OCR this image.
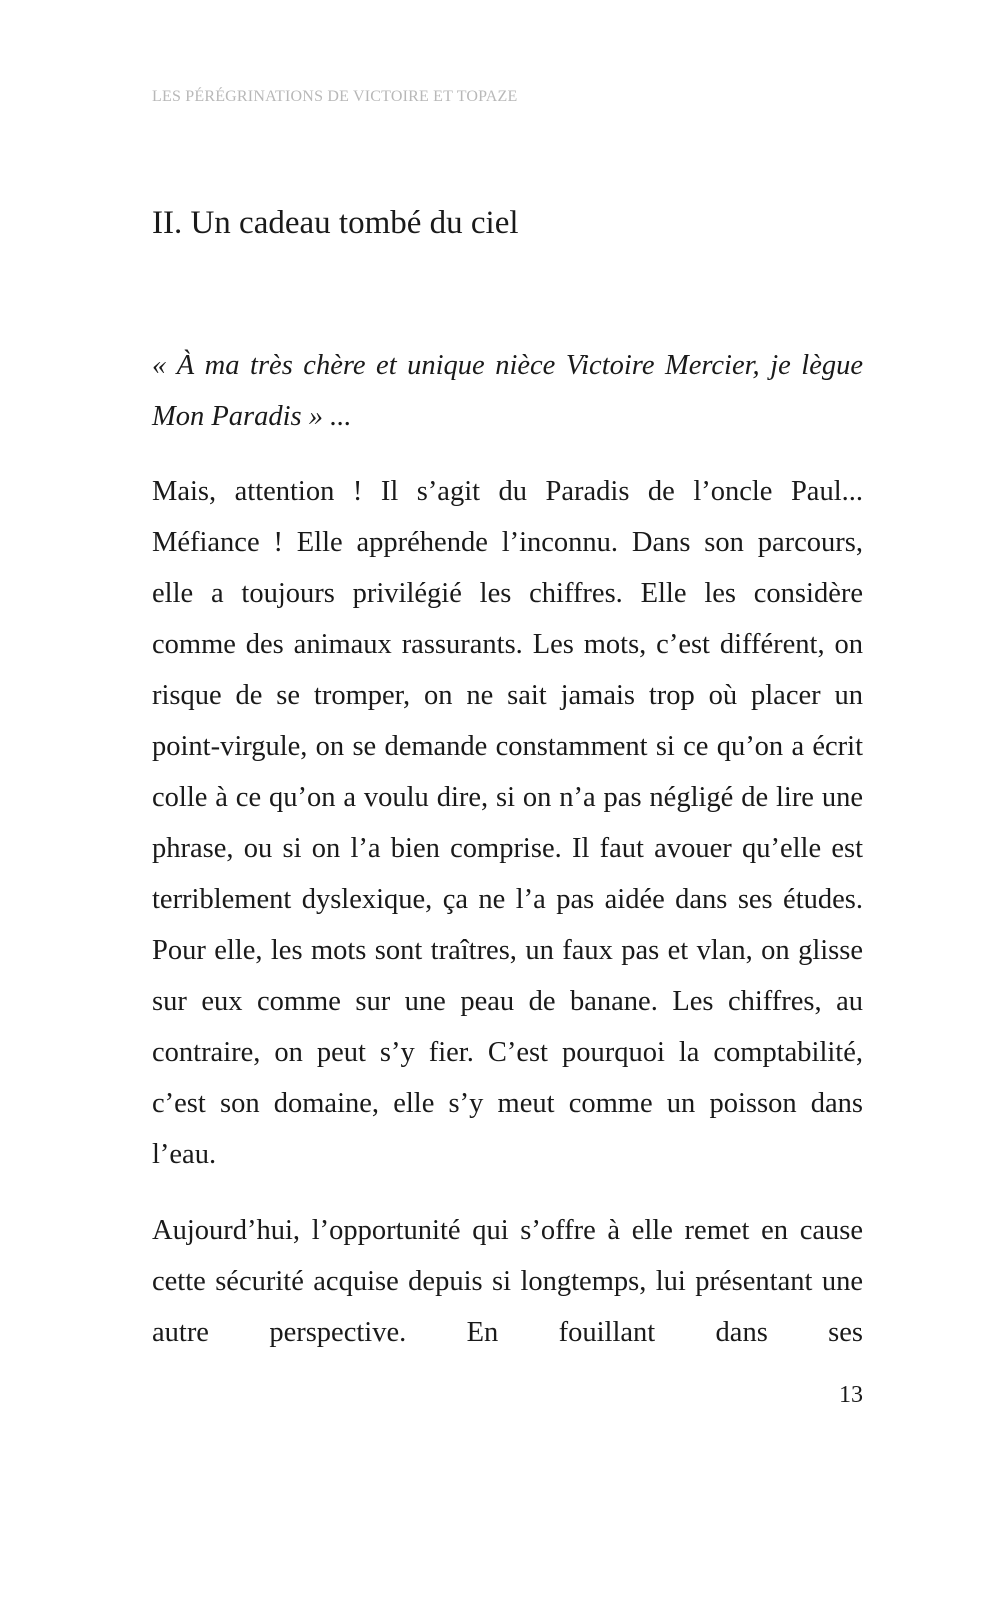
LES PÉRÉGRINATIONS DE VICTOIRE ET TOPAZE
II. Un cadeau tombé du ciel

« À ma très chère et unique nièce Victoire Mercier, je lègue Mon Paradis » ...

Mais, attention ! Il s’agit du Paradis de l’oncle Paul... Méfiance ! Elle appréhende l’inconnu. Dans son parcours, elle a toujours privilégié les chiffres. Elle les considère comme des animaux rassurants. Les mots, c’est différent, on risque de se tromper, on ne sait jamais trop où placer un point-virgule, on se demande constamment si ce qu’on a écrit colle à ce qu’on a voulu dire, si on n’a pas négligé de lire une phrase, ou si on l’a bien comprise. Il faut avouer qu’elle est terriblement dyslexique, ça ne l’a pas aidée dans ses études. Pour elle, les mots sont traîtres, un faux pas et vlan, on glisse sur eux comme sur une peau de banane. Les chiffres, au contraire, on peut s’y fier. C’est pourquoi la comptabilité, c’est son domaine, elle s’y meut comme un poisson dans l’eau.

Aujourd’hui, l’opportunité qui s’offre à elle remet en cause cette sécurité acquise depuis si longtemps, lui présentant une autre perspective. En fouillant dans ses

13
